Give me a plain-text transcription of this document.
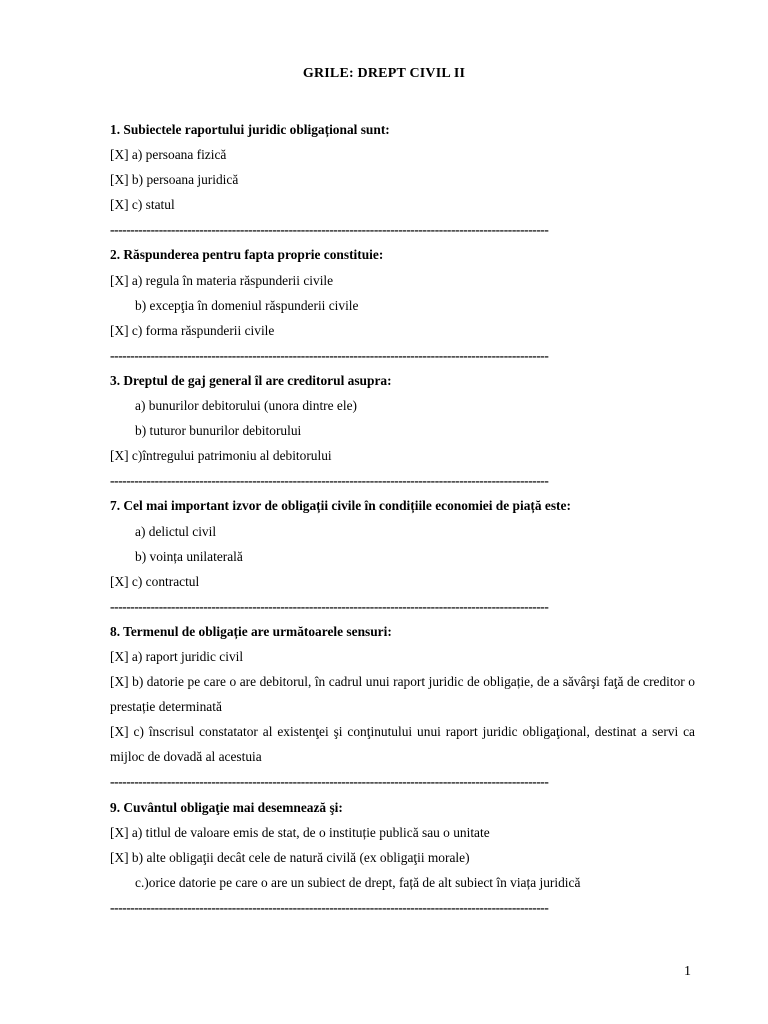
GRILE: DREPT CIVIL II
1. Subiectele raportului juridic obligațional sunt:
[X] a) persoana fizică
[X] b) persoana juridică
[X] c) statul
------------------------------------------------------------------------------------------------------------
2. Răspunderea pentru fapta proprie constituie:
[X] a) regula în materia răspunderii civile
b) excepţia în domeniul răspunderii civile
[X] c) forma răspunderii civile
------------------------------------------------------------------------------------------------------------
3. Dreptul de gaj general îl are creditorul asupra:
a) bunurilor debitorului (unora dintre ele)
b) tuturor bunurilor debitorului
[X] c)întregului patrimoniu al debitorului
------------------------------------------------------------------------------------------------------------
7. Cel mai important izvor de obligații civile în condițiile economiei de piață este:
a) delictul civil
b) voința unilaterală
[X] c) contractul
------------------------------------------------------------------------------------------------------------
8. Termenul de obligație are următoarele sensuri:
[X] a) raport juridic civil
[X] b) datorie pe care o are debitorul, în cadrul unui raport juridic de obligație, de a săvârşi faţă de creditor o prestație determinată
[X] c) înscrisul constatator al existenţei şi conţinutului unui raport juridic obligaţional, destinat a servi ca mijloc de dovadă al acestuia
------------------------------------------------------------------------------------------------------------
9. Cuvântul obligaţie mai desemnează şi:
[X] a) titlul de valoare emis de stat, de o instituție publică sau o unitate
[X] b) alte obligaţii decât cele de natură civilă (ex obligaţii morale)
c.)orice datorie pe care o are un subiect de drept, față de alt subiect în viața juridică
------------------------------------------------------------------------------------------------------------
1
